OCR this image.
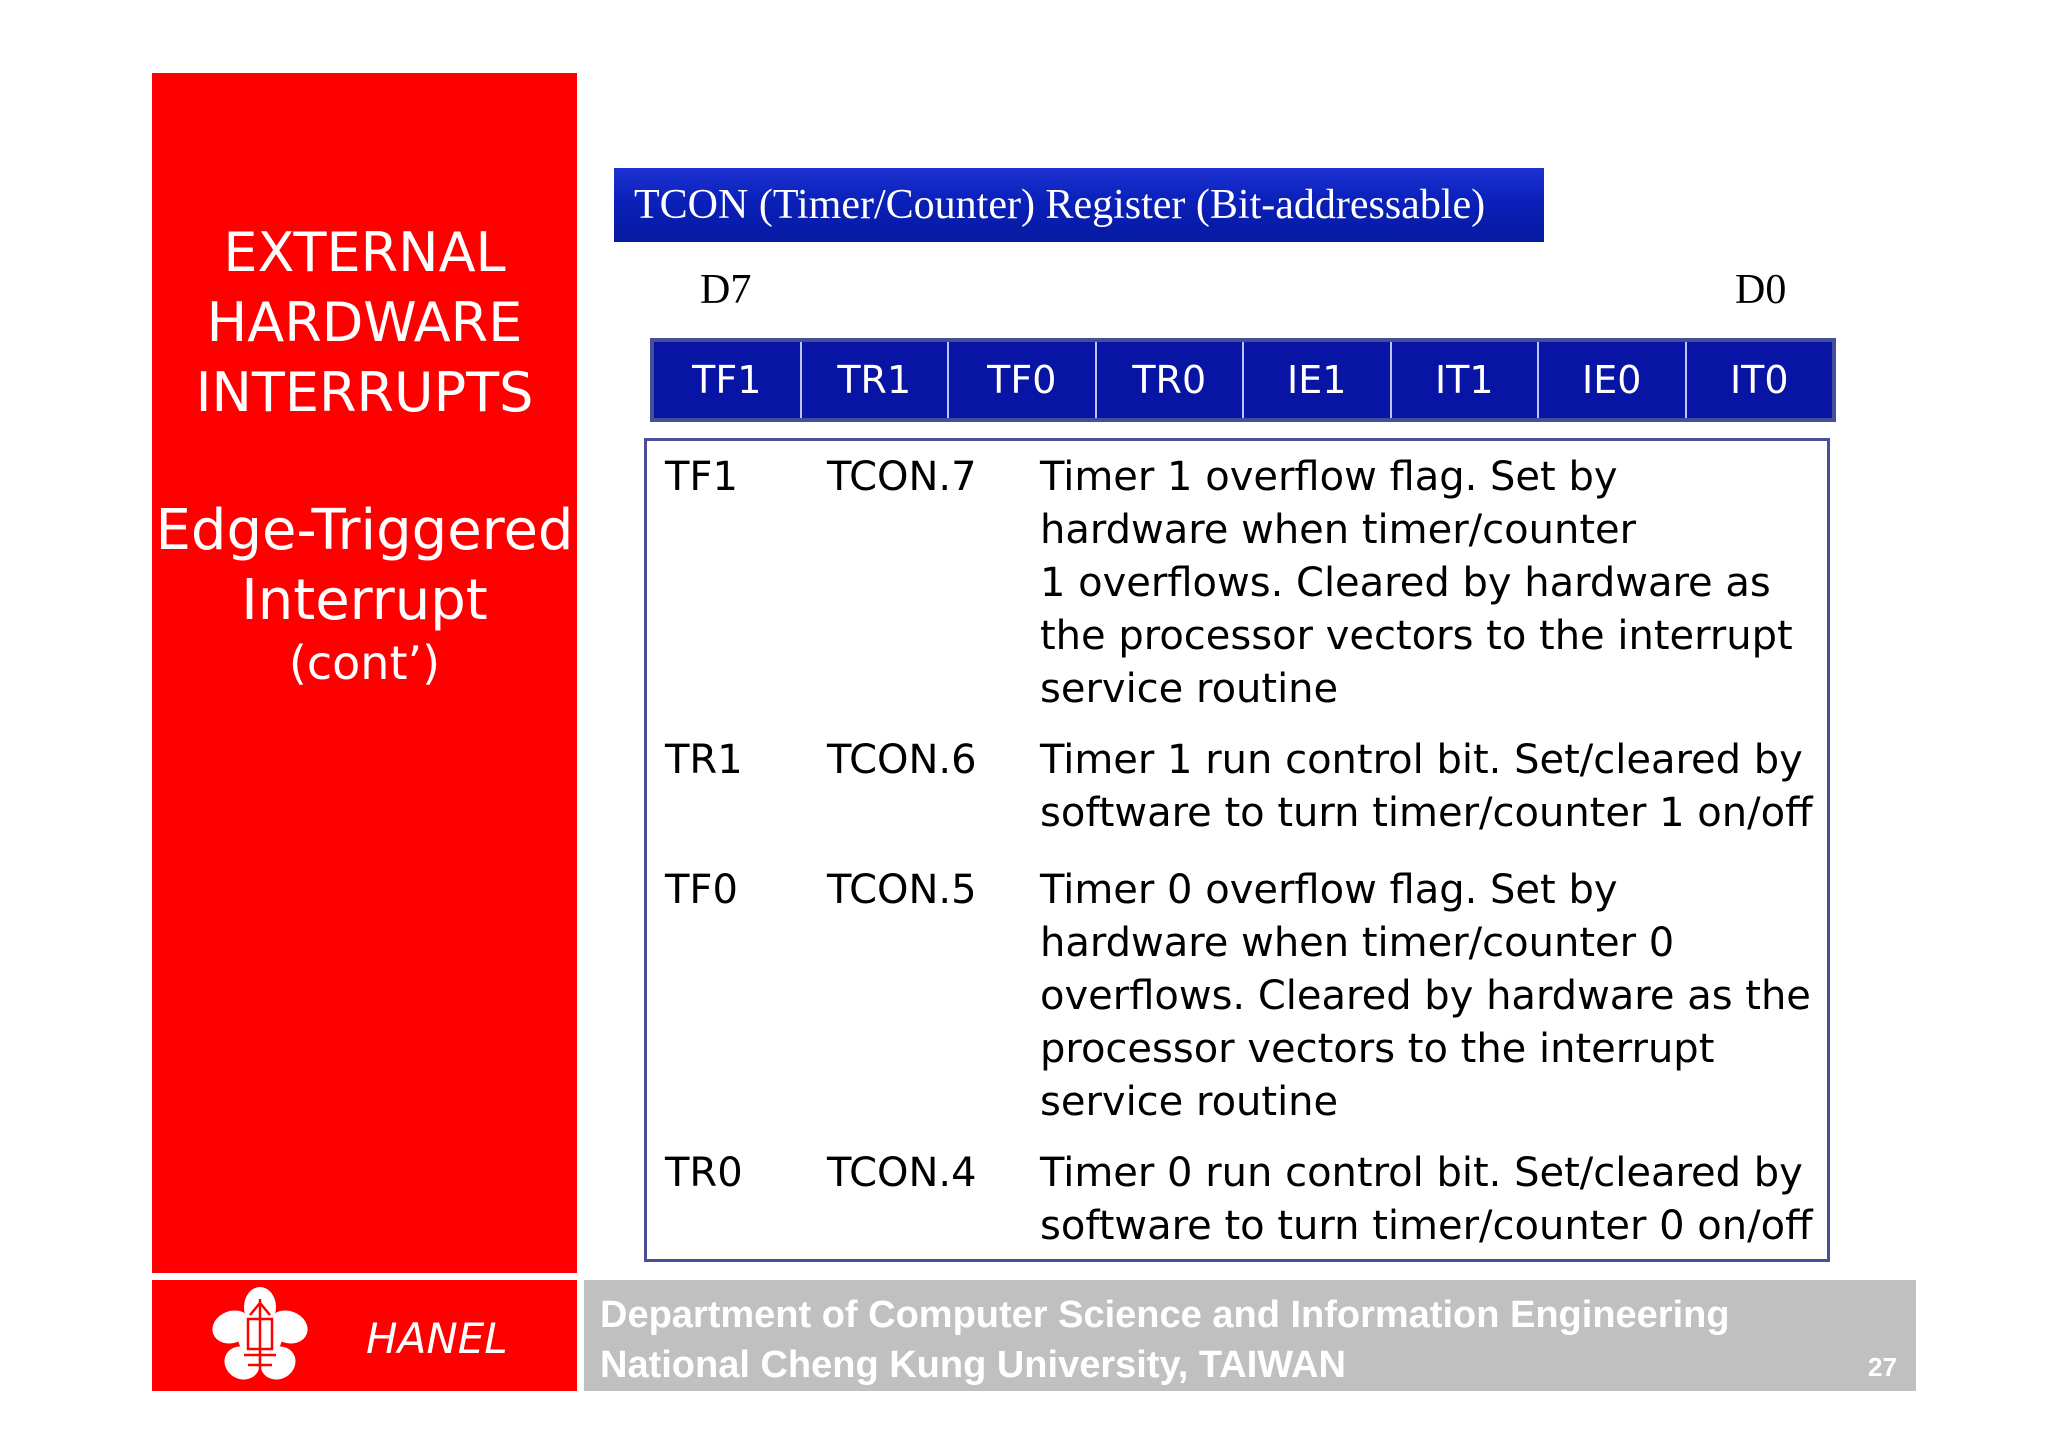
EXTERNAL
HARDWARE
INTERRUPTS
Edge-Triggered
Interrupt
(cont’)
HANEL Department of Computer Science and Information Engineering
National Cheng Kung University, TAIWAN	27
TCON (Timer/Counter) Register (Bit-addressable)
D7	D0
TF1	TR1	TF0	TR0	IE1	IT1	IE0	IT0
TF1 TCON.7 Timer 1 overflow flag. Set by
hardware when timer/counter
1 overflows. Cleared by hardware as
the processor vectors to the interrupt
service routine
TR1 TCON.6 Timer 1 run control bit. Set/cleared by
software to turn timer/counter 1 on/off
TF0 TCON.5 Timer 0 overflow flag. Set by
hardware when timer/counter 0
overflows. Cleared by hardware as the
processor vectors to the interrupt
service routine
TR0 TCON.4 Timer 0 run control bit. Set/cleared by
software to turn timer/counter 0 on/off
